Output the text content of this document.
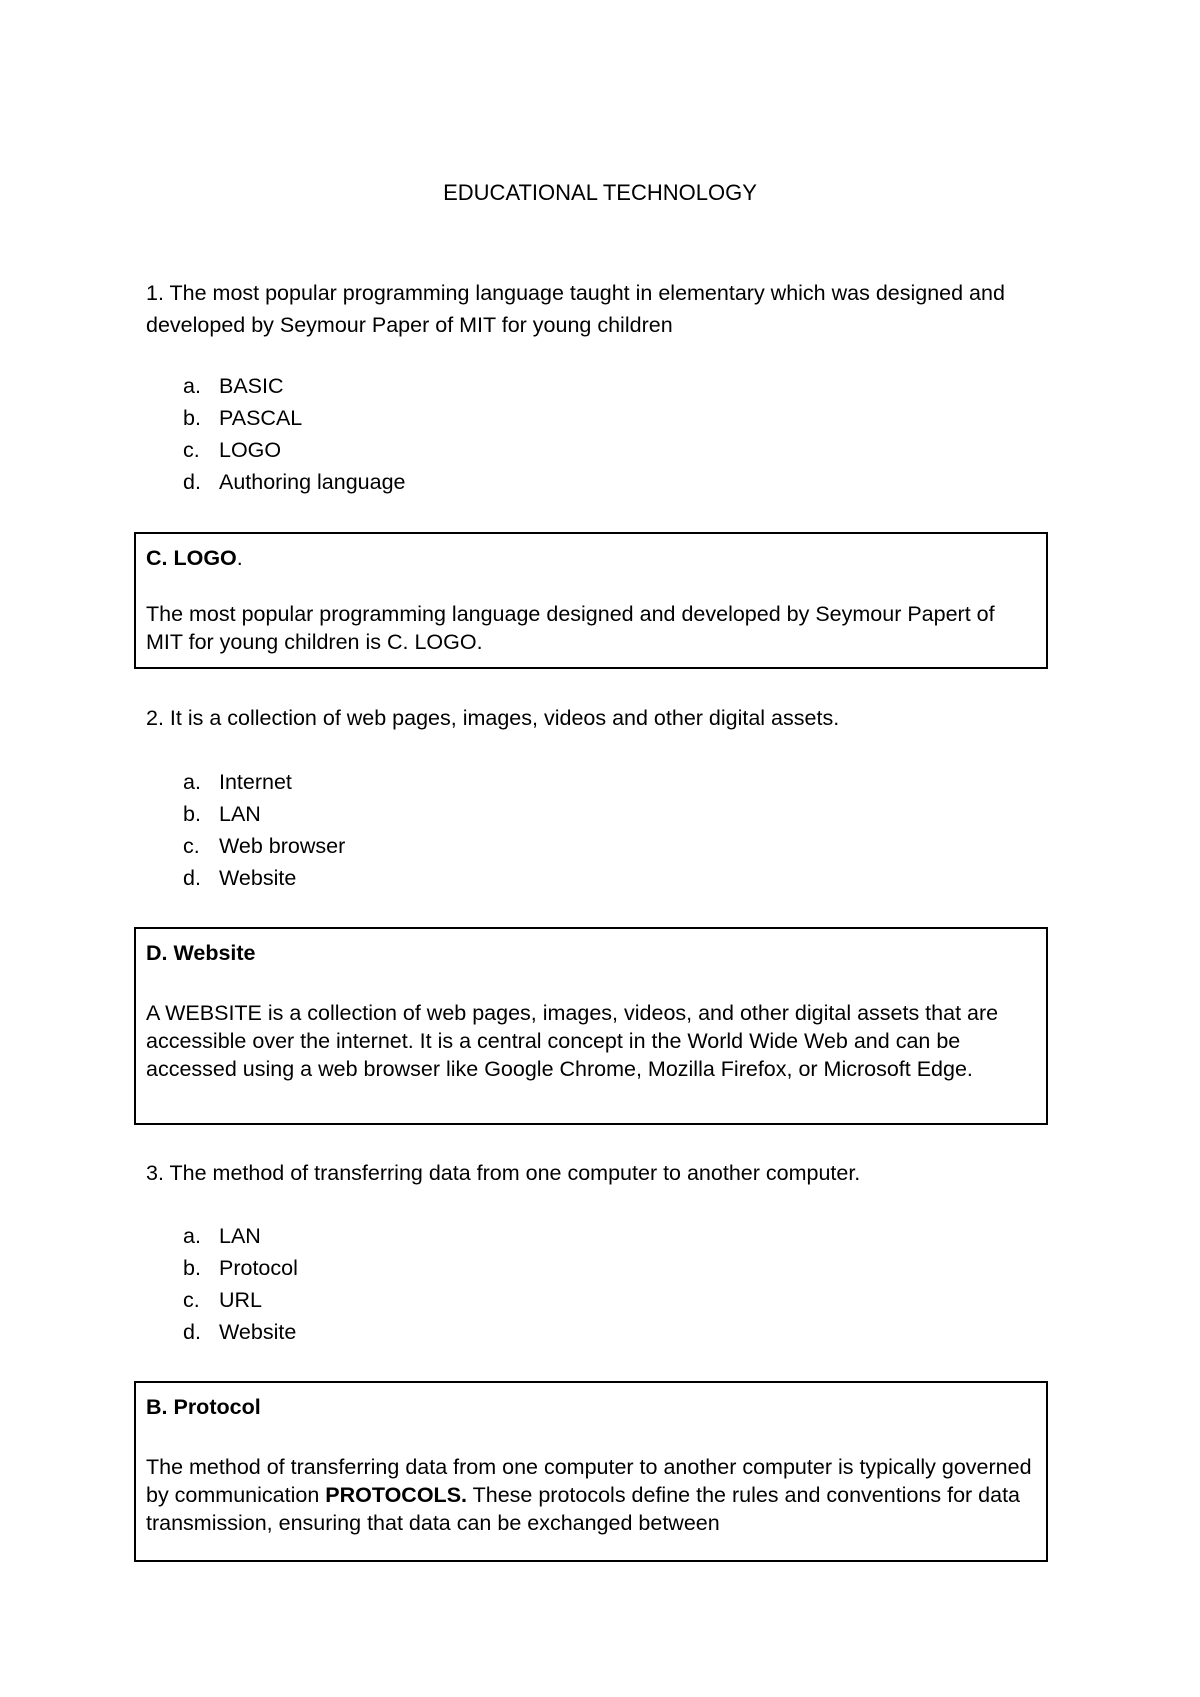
EDUCATIONAL TECHNOLOGY
1. The most popular programming language taught in elementary which was designed and developed by Seymour Paper of MIT for young children
a. BASIC
b. PASCAL
c. LOGO
d. Authoring language
C. LOGO.
The most popular programming language designed and developed by Seymour Papert of MIT for young children is C. LOGO.
2. It is a collection of web pages, images, videos and other digital assets.
a. Internet
b. LAN
c. Web browser
d. Website
D. Website
A WEBSITE is a collection of web pages, images, videos, and other digital assets that are accessible over the internet. It is a central concept in the World Wide Web and can be accessed using a web browser like Google Chrome, Mozilla Firefox, or Microsoft Edge.
3. The method of transferring data from one computer to another computer.
a. LAN
b. Protocol
c. URL
d. Website
B. Protocol
The method of transferring data from one computer to another computer is typically governed by communication PROTOCOLS. These protocols define the rules and conventions for data transmission, ensuring that data can be exchanged between
